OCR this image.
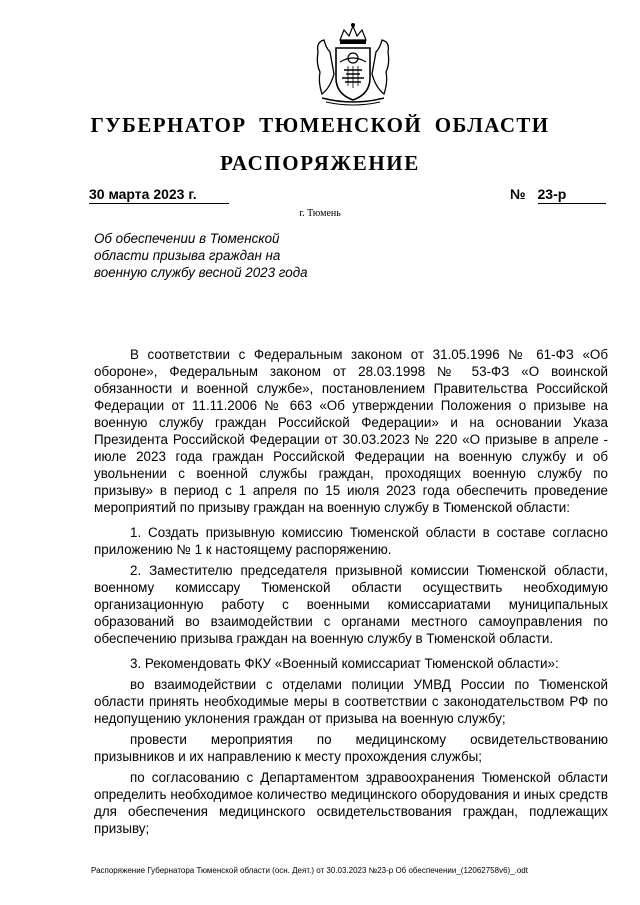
ГУБЕРНАТОР ТЮМЕНСКОЙ ОБЛАСТИ
РАСПОРЯЖЕНИЕ
30 марта 2023 г.	№ 23-р
г. Тюмень
Об обеспечении в Тюменской области призыва граждан на военную службу весной 2023 года

В соответствии с Федеральным законом от 31.05.1996 № 61-ФЗ «Об обороне», Федеральным законом от 28.03.1998 № 53-ФЗ «О воинской обязанности и военной службе», постановлением Правительства Российской Федерации от 11.11.2006 № 663 «Об утверждении Положения о призыве на военную службу граждан Российской Федерации» и на основании Указа Президента Российской Федерации от 30.03.2023 № 220 «О призыве в апреле - июле 2023 года граждан Российской Федерации на военную службу и об увольнении с военной службы граждан, проходящих военную службу по призыву» в период с 1 апреля по 15 июля 2023 года обеспечить проведение мероприятий по призыву граждан на военную службу в Тюменской области:

1. Создать призывную комиссию Тюменской области в составе согласно приложению № 1 к настоящему распоряжению.

2. Заместителю председателя призывной комиссии Тюменской области, военному комиссару Тюменской области осуществить необходимую организационную работу с военными комиссариатами муниципальных образований во взаимодействии с органами местного самоуправления по обеспечению призыва граждан на военную службу в Тюменской области.

3. Рекомендовать ФКУ «Военный комиссариат Тюменской области»:

во взаимодействии с отделами полиции УМВД России по Тюменской области принять необходимые меры в соответствии с законодательством РФ по недопущению уклонения граждан от призыва на военную службу;

провести мероприятия по медицинскому освидетельствованию призывников и их направлению к месту прохождения службы;

по согласованию с Департаментом здравоохранения Тюменской области определить необходимое количество медицинского оборудования и иных средств для обеспечения медицинского освидетельствования граждан, подлежащих призыву;

Распоряжение Губернатора Тюменской области (осн. Деят.) от 30.03.2023 №23-р Об обеспечении_(12062758v6)_.odt
